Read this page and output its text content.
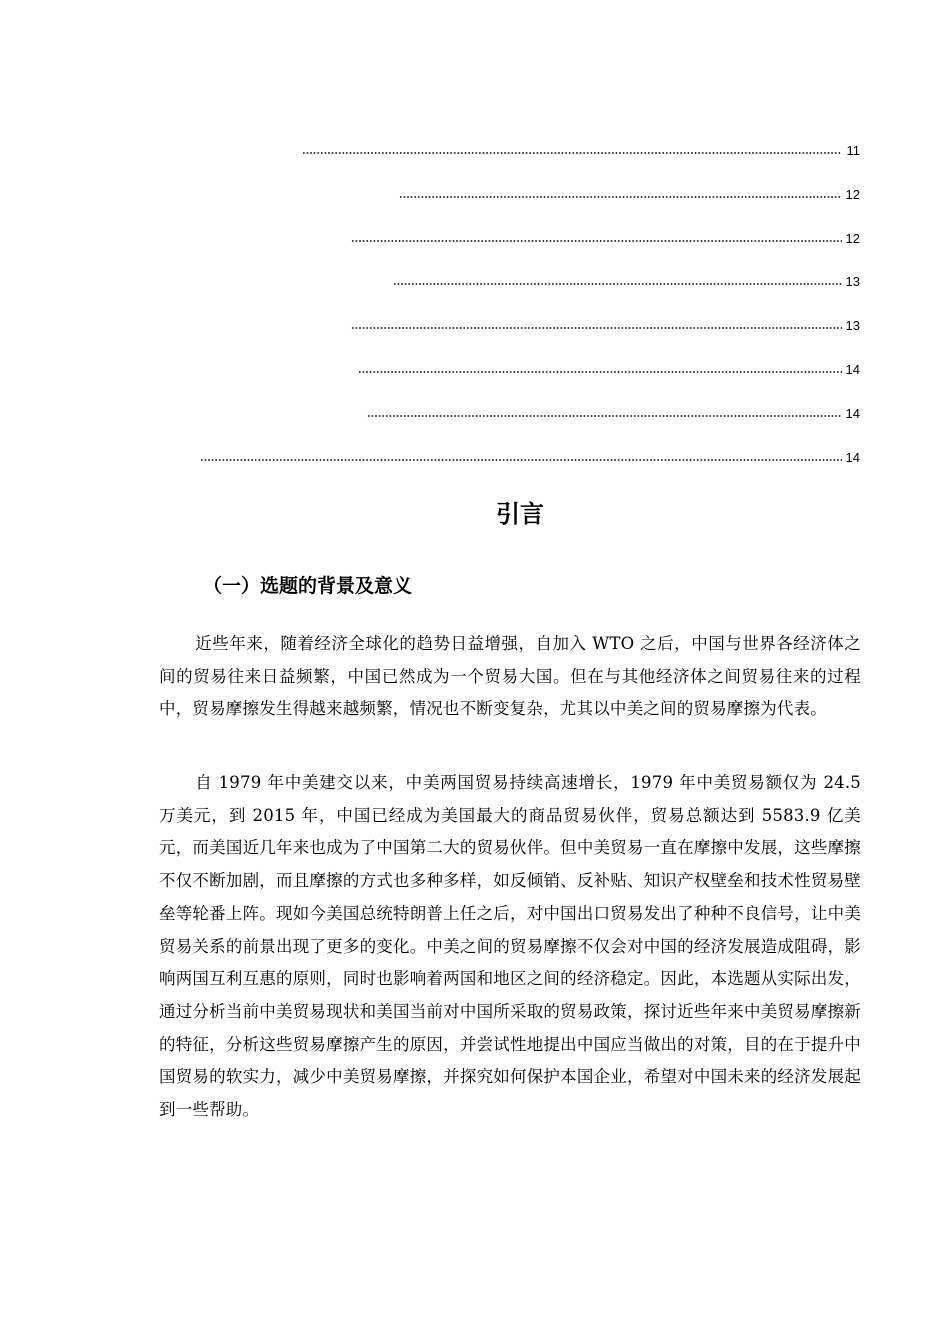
11
12
12
13
13
14
14
14
引言
（一）选题的背景及意义

近些年来，随着经济全球化的趋势日益增强，自加入 WTO 之后，中国与世界各经济体之间的贸易往来日益频繁，中国已然成为一个贸易大国。但在与其他经济体之间贸易往来的过程中，贸易摩擦发生得越来越频繁，情况也不断变复杂，尤其以中美之间的贸易摩擦为代表。

自 1979 年中美建交以来，中美两国贸易持续高速增长，1979 年中美贸易额仅为 24.5 万美元，到 2015 年，中国已经成为美国最大的商品贸易伙伴，贸易总额达到 5583.9 亿美元，而美国近几年来也成为了中国第二大的贸易伙伴。但中美贸易一直在摩擦中发展，这些摩擦不仅不断加剧，而且摩擦的方式也多种多样，如反倾销、反补贴、知识产权壁垒和技术性贸易壁垒等轮番上阵。现如今美国总统特朗普上任之后，对中国出口贸易发出了种种不良信号，让中美贸易关系的前景出现了更多的变化。中美之间的贸易摩擦不仅会对中国的经济发展造成阻碍，影响两国互利互惠的原则，同时也影响着两国和地区之间的经济稳定。因此，本选题从实际出发，通过分析当前中美贸易现状和美国当前对中国所采取的贸易政策，探讨近些年来中美贸易摩擦新的特征，分析这些贸易摩擦产生的原因，并尝试性地提出中国应当做出的对策，目的在于提升中国贸易的软实力，减少中美贸易摩擦，并探究如何保护本国企业，希望对中国未来的经济发展起到一些帮助。
